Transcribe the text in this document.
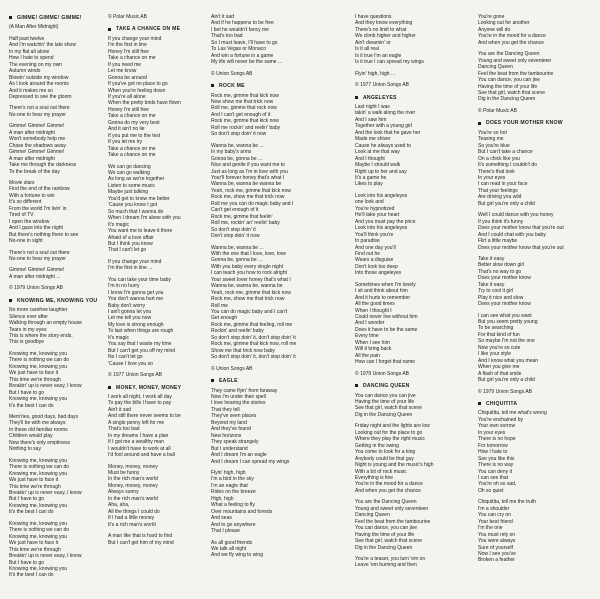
GIMME! GIMME! GIMME!
(A Man After Midnight)
Half past twelve
And I'm watchin' the late show
In my flat all alone
How I hate to spend
The evening on my own
Autumn winds
Blowin' outside my window
As I look around the rooms
And it makes me so
Depressed to see the gloom
There's not a soul out there
No-one to hear my prayer
Gimme! Gimme! Gimme!
A man after midnight
Won't somebody help me
Chase the shadows away
Gimme! Gimme! Gimme!
A man after midnight
Take me through the darkness
To the break of the day
Movie stars
Find the end of the rainbow
With a fortune to win
It's so different
From the world I'm livin' in
Tired of TV
I open the window
And I gaze into the night
But there's nothing there to see
No-one in sight
There's not a soul out there
No-one to hear my prayer
Gimme! Gimme! Gimme!
A man after midnight ...
© 1979 Union Songs AB
KNOWING ME, KNOWING YOU
No more carefree laughter
Silence ever after
Walking through an empty house
Tears in my eyes
This is where the story ends,
This is goodbye
Knowing me, knowing you
There is nothing we can do
Knowing me, knowing you
We just have to face it
This time we're through
Breakin' up is never easy, I know
But I have to go
Knowing me, knowing you
It's the best I can do
Mem'ries, good days, bad days
They'll be with me always
In these old familiar rooms
Children would play
Now there's only emptiness
Nothing to say
Knowing me, knowing you
There is nothing we can do
Knowing me, knowing you
We just have to face it
This time we're through
Breakin' up is never easy, I know
But I have to go
Knowing me, knowing you
It's the best I can do
Knowing me, knowing you
There is nothing we can do
Knowing me, knowing you
We just have to face it
This time we're through
Breakin' up is never easy, I know
But I have to go
Knowing me, knowing you
It's the best I can do
© Polar Music AB
TAKE A CHANCE ON ME
If you change your mind
I'm the first in line
Honey I'm still free
Take a chance on me
If you need me
Let me know
Gonna be around
If you've got no place to go
When you're feeling down
If you're all alone
When the pretty birds have flown
Honey I'm still free
Take a chance on me
Gonna do my very best
And it ain't no lie
If you put me to the test
If you let me try
Take a chance on me
Take a chance on me
We can go dancing
We can go walking
As long as we're together
Listen to some music
Maybe just talking
You'd get to know me better
'Cause you know I got
So much that I wanna do
When I dream I'm alone with you
It's magic
You want me to leave it there
Afraid of a love affair
But I think you know
That I can't let go
If you change your mind
I'm the first in line ...
You can take your time baby
I'm in no hurry
I know I'm gonna get you
You don't wanna hurt me
Baby don't worry
I ain't gonna let you
Let me tell you now
My love is strong enough
To last when things are rough
It's magic
You say that I waste my time
But I can't get you off my mind
No I can't let go
'Cause I love you so
© 1977 Union Songs AB
MONEY, MONEY, MONEY
I work all night, I work all day
To pay the bills I have to pay
Ain't it sad
And still there never seems to be
A single penny left for me
That's too bad
In my dreams I have a plan
If I got me a wealthy man
I wouldn't have to work at all
I'd fool around and have a ball
Money, money, money
Must be funny
In the rich man's world
Money, money, money
Always sunny
In the rich man's world
Aha, aha,
All the things I could do
If I had a little money
It's a rich man's world
A man like that is hard to find
But I can't get him of my mind
Ain't it sad
And if he happens to be free
I bet he wouldn't fancy me
That's too bad
So I must leave, I'll have to go
To Las Vegas or Monaco
And win a fortune in a game
My life will never be the same ...
© Union Songs AB
ROCK ME
Rock me, gimme that kick now
Now show me that trick now
Roll me, gimme that rock now
And I can't get enough of it
Rock me, gimme that kick now
Roll me rockin' and reelin' baby
So don't stop doin' it now
Wanna be, wanna be ...
In my baby's arms
Gonna be, gonna be ...
Nice and gentle if you want me to
Just as long as I'm in love with you
Your'll forever honey that's what I
Wanna be, wanna be wanna be
Yeah, rock me, gimme that kick now
Rock me, show me that trick now
Roll me you can do magic baby and I
Can't get enough of it
Rock me, gimme that feelin'
Roll me, rockin' an' reelin' baby
So don't stop doin' it
Don't stop doin' it now
Wanna be, wanna be ...
With the one that I love, love, love
Gonna be, gonna be ...
With you baby every single night
I can teach you how to rock alright
Your sweet lover honey that's what I
Wanna be, wanna be, wanna be
Yeah, rock me, gimme that kick now
Rock me, show me that trick now
Roll me
You can do magic baby and I can't
Get enough
Rock me, gimme that feeling, roll me
Rockin' and reelin' baby
So don't stop doin' it, don't stop doin' it
Rock me, gimme that kick now, roll me
Show me that trick now baby
So don't stop doin' it, don't stop doin' it
© Union Songs AB
EAGLE
They came flyin' from faraway
Now I'm under their spell
I love hearing the stories
That they tell
They've seen places
Beyond my land
And they've found
New horizons
They speak strangely
But I understand
And I dream I'm an eagle
And I dream I can spread my wings
Flyin' high, high
I'm a bird in the sky
I'm an eagle that
Rides on the breeze
High, high
What a feeling to fly
Over mountains and forests
And seas
And to go anywhere
That I please
As all good friends
We talk all night
And we fly wing to wing
I have questions
And they know everything
There's no limit to what
We climb higher and higher
Ain't dreamin' or
Is it all real
Is it true I'm an eagle
Is it true I can spread my wings
Flyin' high, high ...
© 1977 Union Songs AB
ANGELEYES
Last night I was
takin' a walk along the river
And I saw him
Together with a young girl
And the look that he gave her
Made me shiver
Cause he always used to
Look at me that way
And I thought
Maybe I should walk
Right up to her and say
It's a game he
Likes to play
Look into his angeleyes
one look and
You're hypnotized
He'll take your heart
And you must pay the price
Look into his angeleyes
You'll think you're
In paradise
And one day you'll
Find out he
Wears a disguise
Don't look too deep
Into those angeleyes
Sometimes when I'm lonely
I sit and think about him
And it hurts to remember
All the good times
When I thought I
Could never live without him
And I wonder
Does it have to be the same
Every time
When I see him
Will it bring back
All the pain
How can I forget that name
© 1979 Union Songs AB
DANCING QUEEN
You can dance you can jive
Having the time of your life
See that girl, watch that scene
Dig in the Dancing Queen
Friday night and the lights are low
Looking out for the place to go
Where they play the right music
Getting in the swing
You come to look for a king
Anybody could be that guy
Night is young and the music's high
With a bit of rock music
Everything is fine
You're in the mood for a dance
And when you get the chance
You are the Dancing Queen
Young and sweet only seventeen
Dancing Queen
Feel the beat from the tambourine
You can dance, you can jive
Having the time of your life
See that girl, watch that scene
Dig in the Dancing Queen
You're a teaser, you turn 'em on
Leave 'em burning and then
You're gone
Looking out for another
Anyone will do
You're in the mood for a dance
And when you get the chance
You are the Dancing Queen
Young and sweet only seventeen
Dancing Queen
Feel the beat from the tambourine
You can dance, you can jive
Having the time of your life
See that girl, watch that scene
Dig in the Dancing Queen
© Polar Music AB
DOES YOUR MOTHER KNOW
You're so hot
Teasing me
So you're blue
But I can't take a chance
On a chick like you
It's something I couldn't do
There's that look
In your eyes
I can read in your face
That your feelings
Are driving you wild
But girl you're only a child
Well I could dance with you honey
If you think it's funny
Does your mother know that you're out
And I could chat with you baby
Flirt a little maybe
Does your mother know that you're out
Take it easy
Better slow down girl
That's no way to go
Does your mother know
Take it easy
Try to cool it girl
Play it nice and slow
Does your mother know
I can see what you want
But you seem pretty young
To be searching
For that kind of fun
So maybe I'm not the one
Now you're so cute
I like your style
And I know what you mean
When you give me
A flash of that smile
But girl you're only a child
© 1979 Union Songs AB
CHIQUITITA
Chiquitita, tell me what's wrong
You're enchained by
Your own sorrow
In your eyes
There is no hope
For tomorrow
How I hate to
See you like this
There is no way
You can deny it
I can see that
You're oh so sad,
Oh so quiet
Chiquitita, tell me the truth
I'm a shoulder
You can cry on
Your best friend
I'm the one
You must rely on
You were always
Sure of yourself
Now I see you've
Broken a feather
